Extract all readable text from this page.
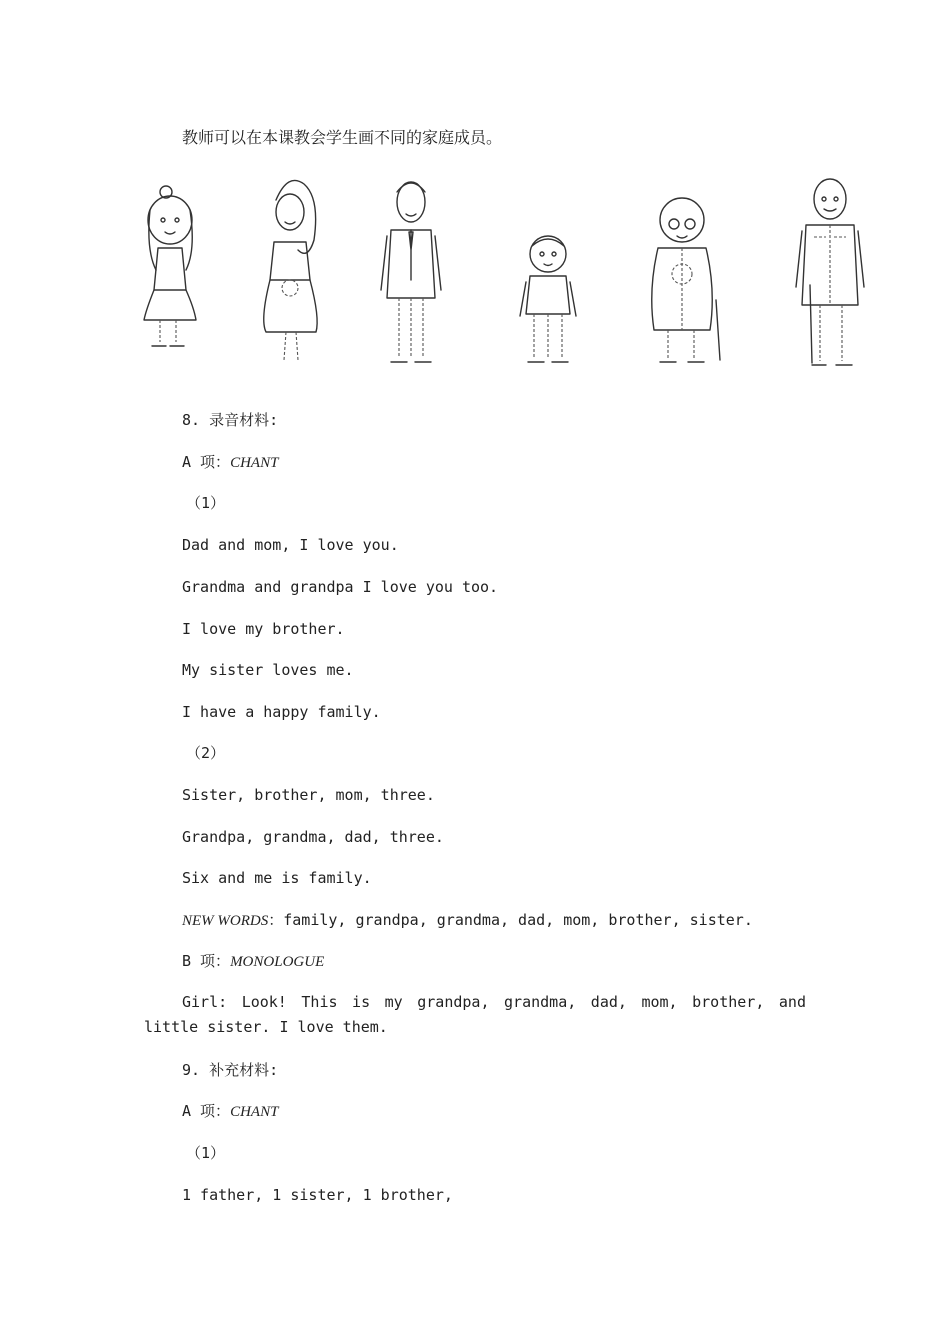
教师可以在本课教会学生画不同的家庭成员。
8. 录音材料:
A 项：CHANT
（1）
Dad and mom, I love you.
Grandma and grandpa I love you too.
I love my brother.
My sister loves me.
I have a happy family.
（2）
Sister, brother, mom, three.
Grandpa, grandma, dad, three.
Six and me is family.
NEW WORDS：family, grandpa, grandma, dad, mom, brother, sister.
B 项：MONOLOGUE
Girl: Look! This is my grandpa, grandma, dad, mom, brother, and little sister. I love them.
9. 补充材料:
A 项：CHANT
（1）
1 father, 1 sister, 1 brother,
